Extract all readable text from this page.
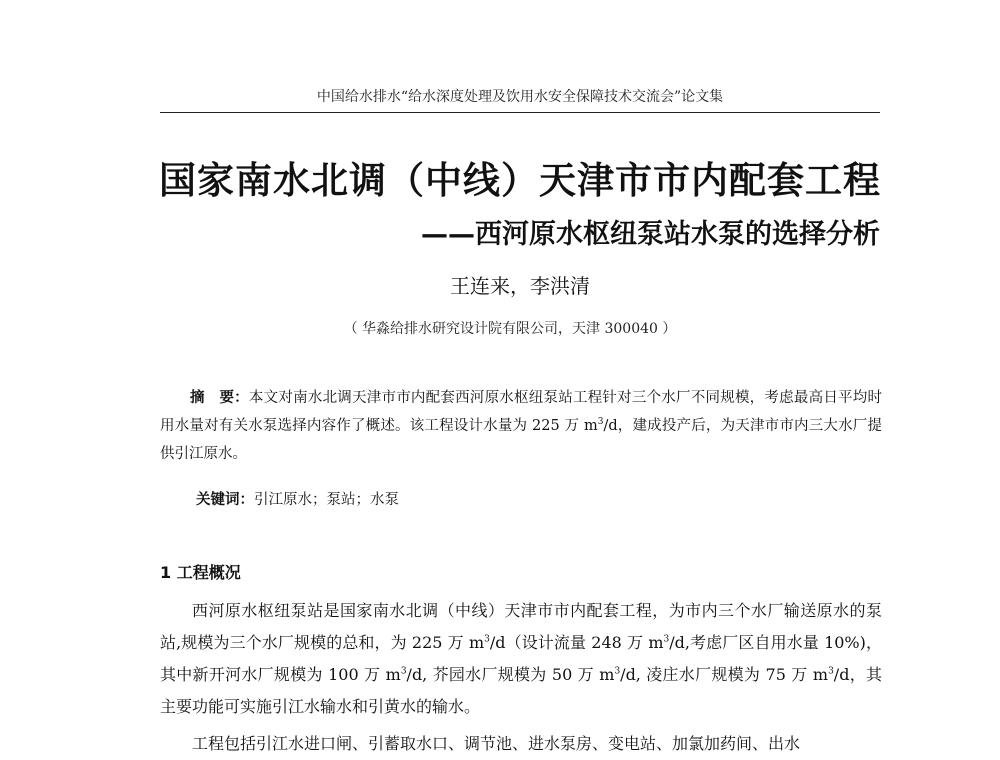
中国给水排水“给水深度处理及饮用水安全保障技术交流会”论文集
国家南水北调（中线）天津市市内配套工程
——西河原水枢纽泵站水泵的选择分析
王连来，李洪清
（ 华淼给排水研究设计院有限公司，天津 300040 ）
摘　要：本文对南水北调天津市市内配套西河原水枢纽泵站工程针对三个水厂不同规模，考虑最高日平均时用水量对有关水泵选择内容作了概述。该工程设计水量为 225 万 $m^3/d$，建成投产后，为天津市市内三大水厂提供引江原水。
关键词：引江原水；泵站；水泵
1 工程概况
西河原水枢纽泵站是国家南水北调（中线）天津市市内配套工程，为市内三个水厂输送原水的泵站,规模为三个水厂规模的总和，为 225 万 $m^3/d$（设计流量 248 万 $m^3/d$,考虑厂区自用水量 10%)，其中新开河水厂规模为 100 万 $m^3/d$, 芥园水厂规模为 50 万 $m^3/d$, 凌庄水厂规模为 75 万 $m^3/d$，其主要功能可实施引江水输水和引黄水的输水。
工程包括引江水进口闸、引蓄取水口、调节池、进水泵房、变电站、加氯加药间、出水
